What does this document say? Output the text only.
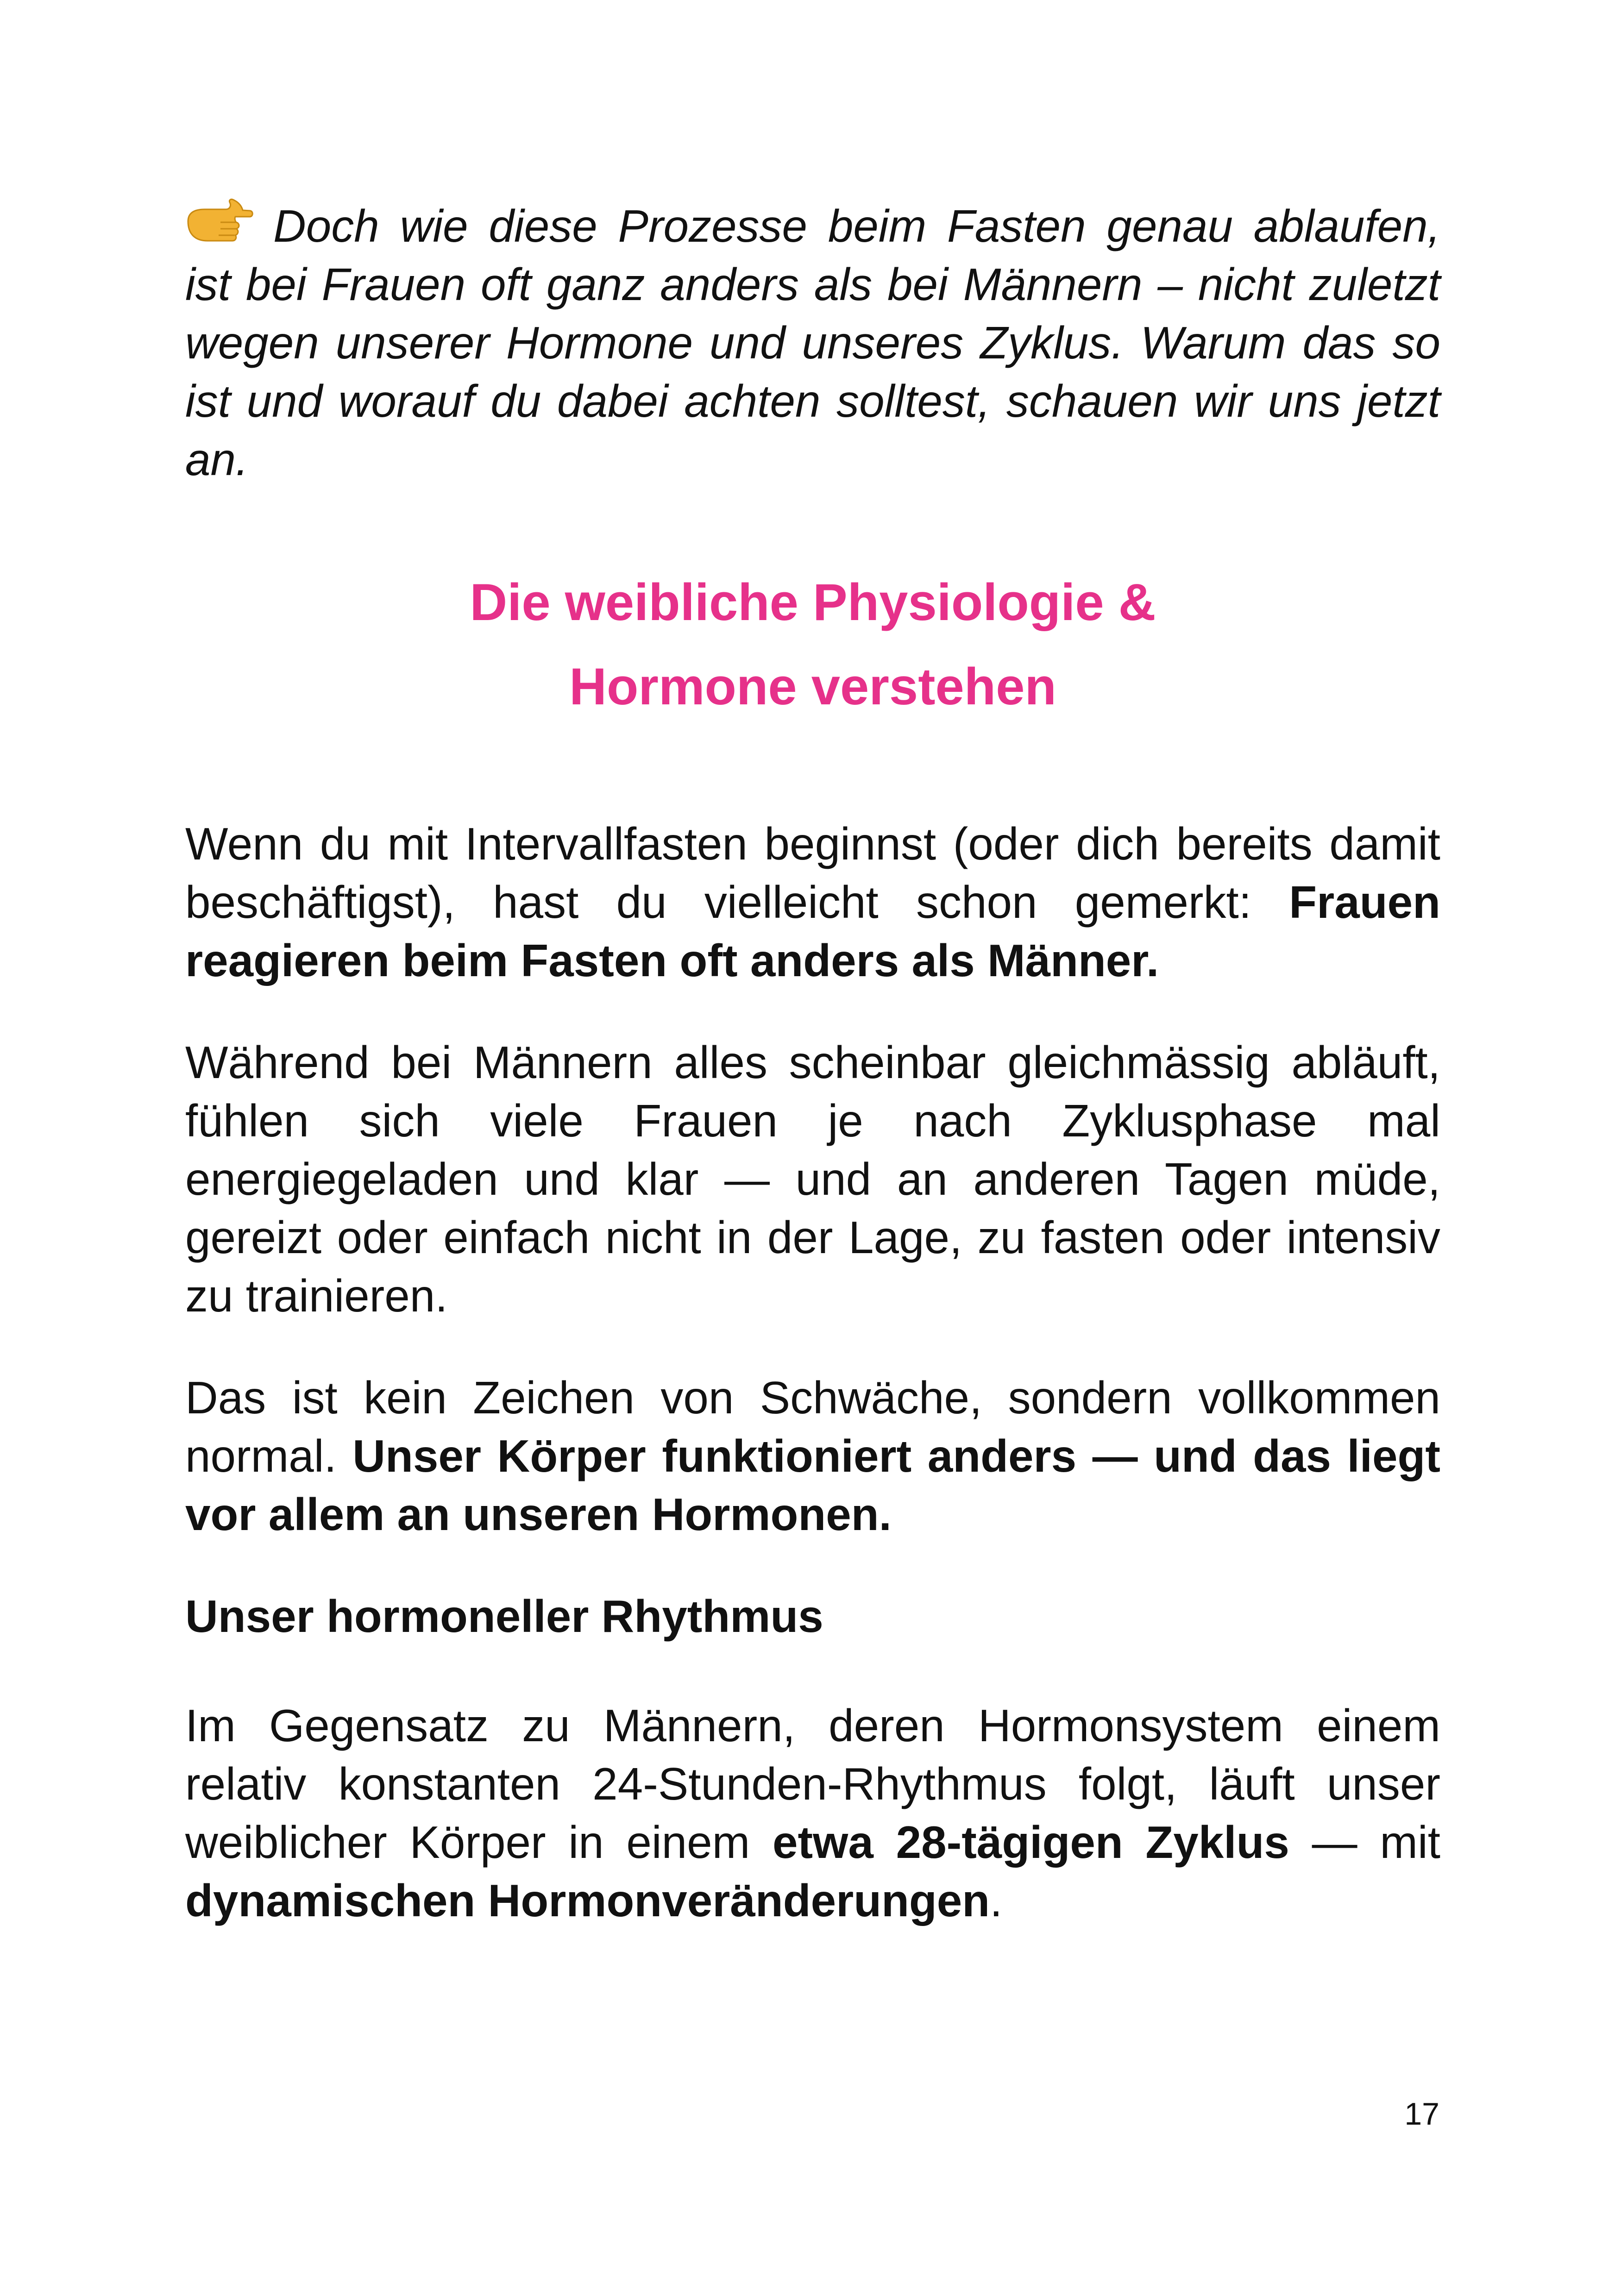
Doch wie diese Prozesse beim Fasten genau ablaufen, ist bei Frauen oft ganz anders als bei Männern – nicht zuletzt wegen unserer Hormone und unseres Zyklus. Warum das so ist und worauf du dabei achten solltest, schauen wir uns jetzt an.

Die weibliche Physiologie &
Hormone verstehen

Wenn du mit Intervallfasten beginnst (oder dich bereits damit beschäftigst), hast du vielleicht schon gemerkt: Frauen reagieren beim Fasten oft anders als Männer.

Während bei Männern alles scheinbar gleichmässig abläuft, fühlen sich viele Frauen je nach Zyklusphase mal energiegeladen und klar — und an anderen Tagen müde, gereizt oder einfach nicht in der Lage, zu fasten oder intensiv zu trainieren.

Das ist kein Zeichen von Schwäche, sondern vollkommen normal. Unser Körper funktioniert anders — und das liegt vor allem an unseren Hormonen.

Unser hormoneller Rhythmus

Im Gegensatz zu Männern, deren Hormonsystem einem relativ konstanten 24-Stunden-Rhythmus folgt, läuft unser weiblicher Körper in einem etwa 28-tägigen Zyklus — mit dynamischen Hormonveränderungen.

17
